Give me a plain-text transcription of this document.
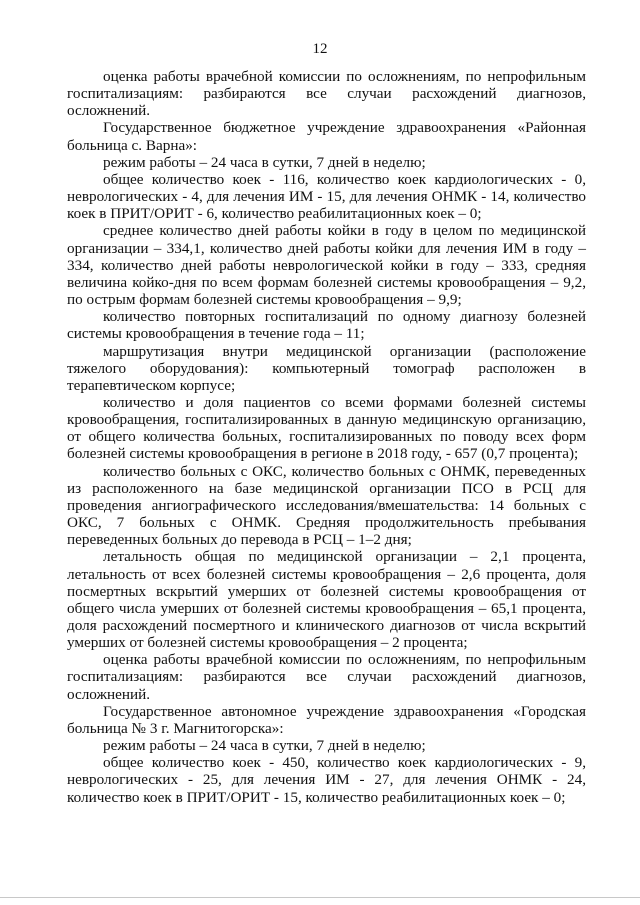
12

оценка работы врачебной комиссии по осложнениям, по непрофильным госпитализациям: разбираются все случаи расхождений диагнозов, осложнений.

Государственное бюджетное учреждение здравоохранения «Районная больница с. Варна»:

режим работы – 24 часа в сутки, 7 дней в неделю;

общее количество коек - 116, количество коек кардиологических - 0, неврологических - 4, для лечения ИМ - 15, для лечения ОНМК - 14, количество коек в ПРИТ/ОРИТ - 6, количество реабилитационных коек – 0;

среднее количество дней работы койки в году в целом по медицинской организации – 334,1, количество дней работы койки для лечения ИМ в году – 334, количество дней работы неврологической койки в году – 333, средняя величина койко-дня по всем формам болезней системы кровообращения – 9,2, по острым формам болезней системы кровообращения – 9,9;

количество повторных госпитализаций по одному диагнозу болезней системы кровообращения в течение года – 11;

маршрутизация внутри медицинской организации (расположение тяжелого оборудования): компьютерный томограф расположен в терапевтическом корпусе;

количество и доля пациентов со всеми формами болезней системы кровообращения, госпитализированных в данную медицинскую организацию, от общего количества больных, госпитализированных по поводу всех форм болезней системы кровообращения в регионе в 2018 году, - 657 (0,7 процента);

количество больных с ОКС, количество больных с ОНМК, переведенных из расположенного на базе медицинской организации ПСО в РСЦ для проведения ангиографического исследования/вмешательства: 14 больных с ОКС, 7 больных с ОНМК. Средняя продолжительность пребывания переведенных больных до перевода в РСЦ – 1–2 дня;

летальность общая по медицинской организации – 2,1 процента, летальность от всех болезней системы кровообращения – 2,6 процента, доля посмертных вскрытий умерших от болезней системы кровообращения от общего числа умерших от болезней системы кровообращения – 65,1 процента, доля расхождений посмертного и клинического диагнозов от числа вскрытий умерших от болезней системы кровообращения – 2 процента;

оценка работы врачебной комиссии по осложнениям, по непрофильным госпитализациям: разбираются все случаи расхождений диагнозов, осложнений.

Государственное автономное учреждение здравоохранения «Городская больница № 3 г. Магнитогорска»:

режим работы – 24 часа в сутки, 7 дней в неделю;

общее количество коек - 450, количество коек кардиологических - 9, неврологических - 25, для лечения ИМ - 27, для лечения ОНМК - 24, количество коек в ПРИТ/ОРИТ - 15, количество реабилитационных коек – 0;
